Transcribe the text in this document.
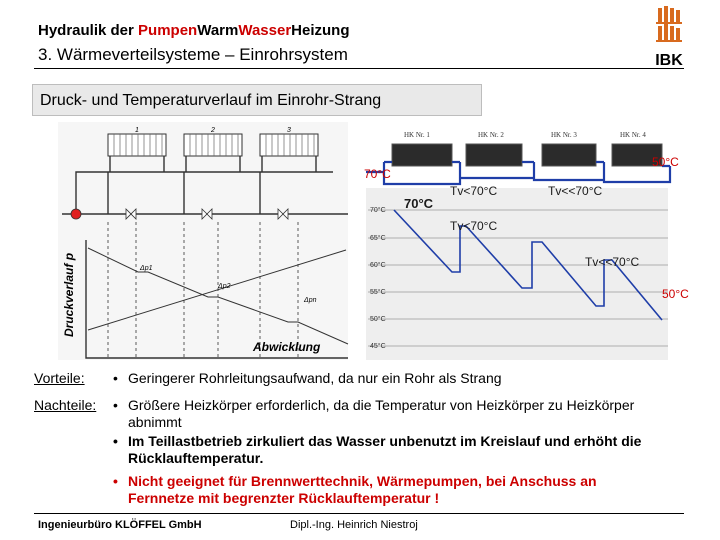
Hydraulik der PumpenWarmWasserHeizung
3. Wärmeverteilsysteme – Einrohrsystem	IBK
Druck- und Temperaturverlauf im Einrohr-Strang
1	2	3
Δp1
Δp2
Δpn
Druckverlauf p
Abwicklung
HK Nr. 1	HK Nr. 2	HK Nr. 3	HK Nr. 4
70°C
65°C
60°C
55°C
50°C
45°C
70°C
50°C
70°C
Tv<70°C	Tv<<70°C
Tv<70°C
Tv<<70°C
50°C
Vorteile: • Geringerer Rohrleitungsaufwand, da nur ein Rohr als Strang
Nachteile: • Größere Heizkörper erforderlich, da die Temperatur von Heizkörper zu Heizkörper abnimmt
• Im Teillastbetrieb zirkuliert das Wasser unbenutzt im Kreislauf und erhöht die Rücklauftemperatur.
• Nicht geeignet für Brennwerttechnik, Wärmepumpen, bei Anschuss an Fernnetze mit begrenzter Rücklauftemperatur !
Ingenieurbüro KLÖFFEL GmbH	Dipl.-Ing. Heinrich Niestroj
